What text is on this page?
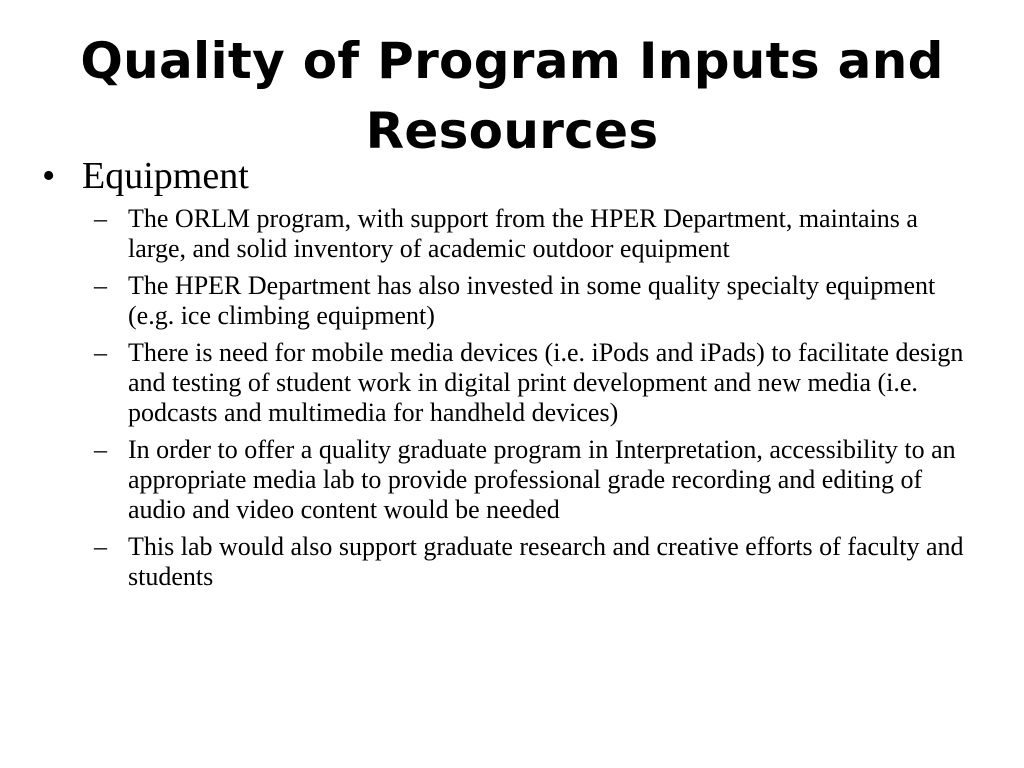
Quality of Program Inputs and Resources
• Equipment
– The ORLM program, with support from the HPER Department, maintains a large, and solid inventory of academic outdoor equipment
– The HPER Department has also invested in some quality specialty equipment (e.g. ice climbing equipment)
– There is need for mobile media devices (i.e. iPods and iPads) to facilitate design and testing of student work in digital print development and new media (i.e. podcasts and multimedia for handheld devices)
– In order to offer a quality graduate program in Interpretation, accessibility to an appropriate media lab to provide professional grade recording and editing of audio and video content would be needed
– This lab would also support graduate research and creative efforts of faculty and students
